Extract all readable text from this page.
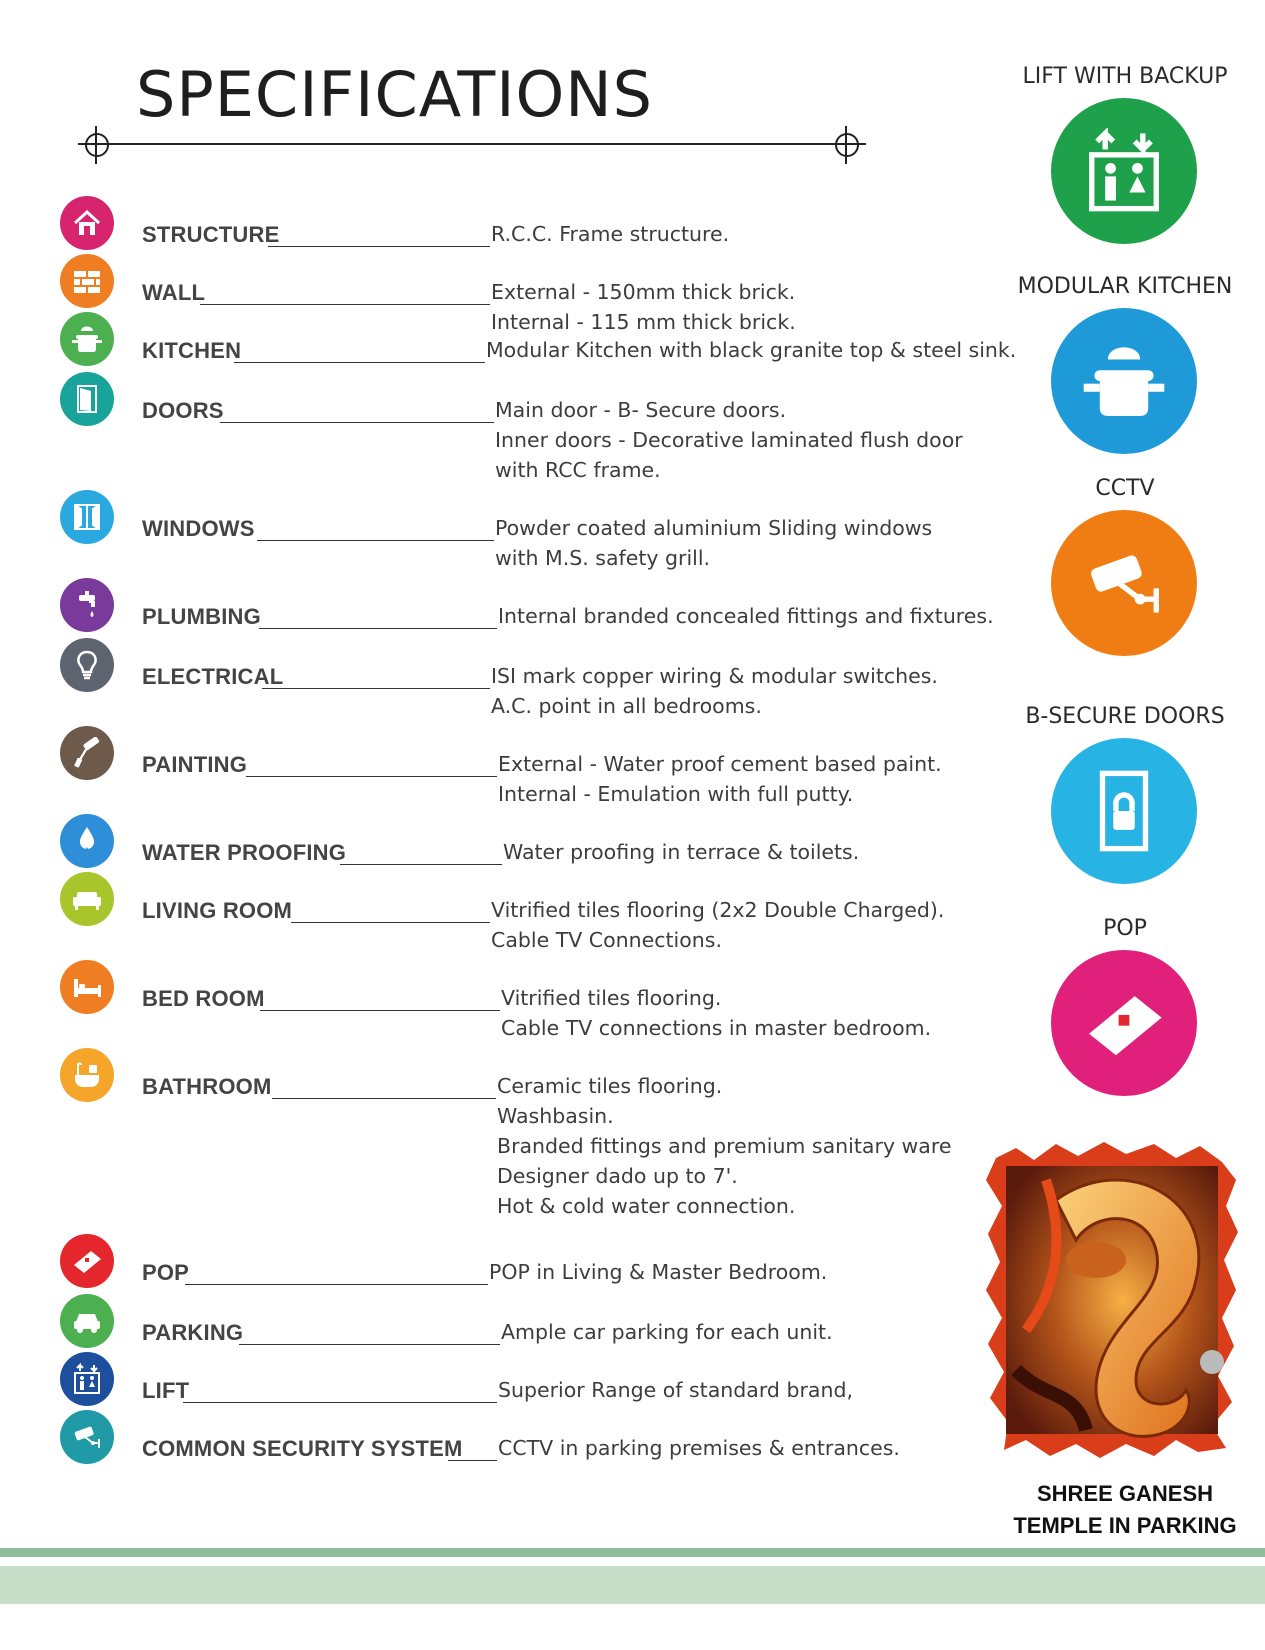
SPECIFICATIONS
STRUCTURE	R.C.C. Frame structure.
WALL	External - 150mm thick brick.
Internal - 115 mm thick brick.
KITCHEN	Modular Kitchen with black granite top & steel sink.
DOORS	Main door - B- Secure doors.
Inner doors - Decorative laminated flush door
with RCC frame.
WINDOWS	Powder coated aluminium Sliding windows
with M.S. safety grill.
PLUMBING	Internal branded concealed fittings and fixtures.
ELECTRICAL	ISI mark copper wiring & modular switches.
A.C. point in all bedrooms.
PAINTING	External - Water proof cement based paint.
Internal - Emulation with full putty.
WATER PROOFING	Water proofing in terrace & toilets.
LIVING ROOM	Vitrified tiles flooring (2x2 Double Charged).
Cable TV Connections.
BED ROOM	Vitrified tiles flooring.
Cable TV connections in master bedroom.
BATHROOM	Ceramic tiles flooring.
Washbasin.
Branded fittings and premium sanitary ware
Designer dado up to 7'.
Hot & cold water connection.
POP	POP in Living & Master Bedroom.
PARKING	Ample car parking for each unit.
LIFT	Superior Range of standard brand,
COMMON SECURITY SYSTEM CCTV in parking premises & entrances.
LIFT WITH BACKUP
MODULAR KITCHEN
CCTV
B-SECURE DOORS
POP
SHREE GANESH
TEMPLE IN PARKING
